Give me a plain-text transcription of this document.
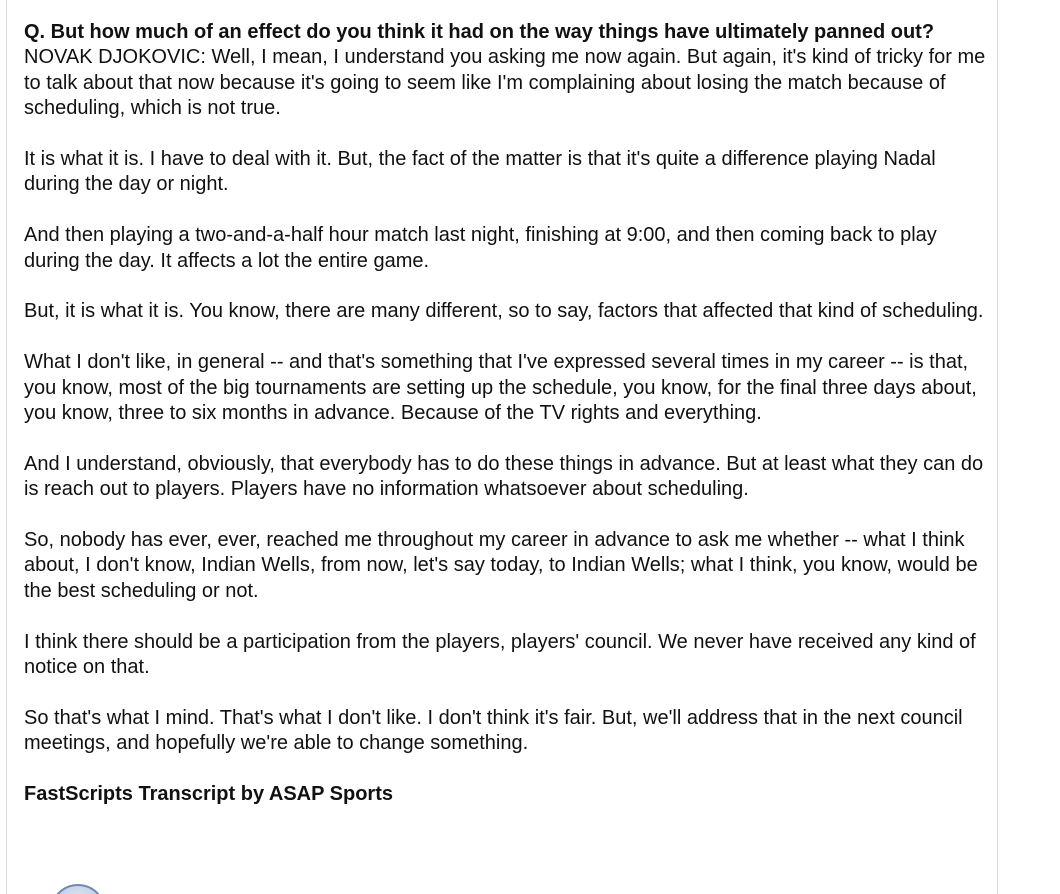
Q. But how much of an effect do you think it had on the way things have ultimately panned out?

NOVAK DJOKOVIC: Well, I mean, I understand you asking me now again. But again, it's kind of tricky for me to talk about that now because it's going to seem like I'm complaining about losing the match because of scheduling, which is not true.

It is what it is. I have to deal with it. But, the fact of the matter is that it's quite a difference playing Nadal during the day or night.

And then playing a two-and-a-half hour match last night, finishing at 9:00, and then coming back to play during the day. It affects a lot the entire game.

But, it is what it is. You know, there are many different, so to say, factors that affected that kind of scheduling.

What I don't like, in general -- and that's something that I've expressed several times in my career -- is that, you know, most of the big tournaments are setting up the schedule, you know, for the final three days about, you know, three to six months in advance. Because of the TV rights and everything.

And I understand, obviously, that everybody has to do these things in advance. But at least what they can do is reach out to players. Players have no information whatsoever about scheduling.

So, nobody has ever, ever, reached me throughout my career in advance to ask me whether -- what I think about, I don't know, Indian Wells, from now, let's say today, to Indian Wells; what I think, you know, would be the best scheduling or not.

I think there should be a participation from the players, players' council. We never have received any kind of notice on that.

So that's what I mind. That's what I don't like. I don't think it's fair. But, we'll address that in the next council meetings, and hopefully we're able to change something.

FastScripts Transcript by ASAP Sports
